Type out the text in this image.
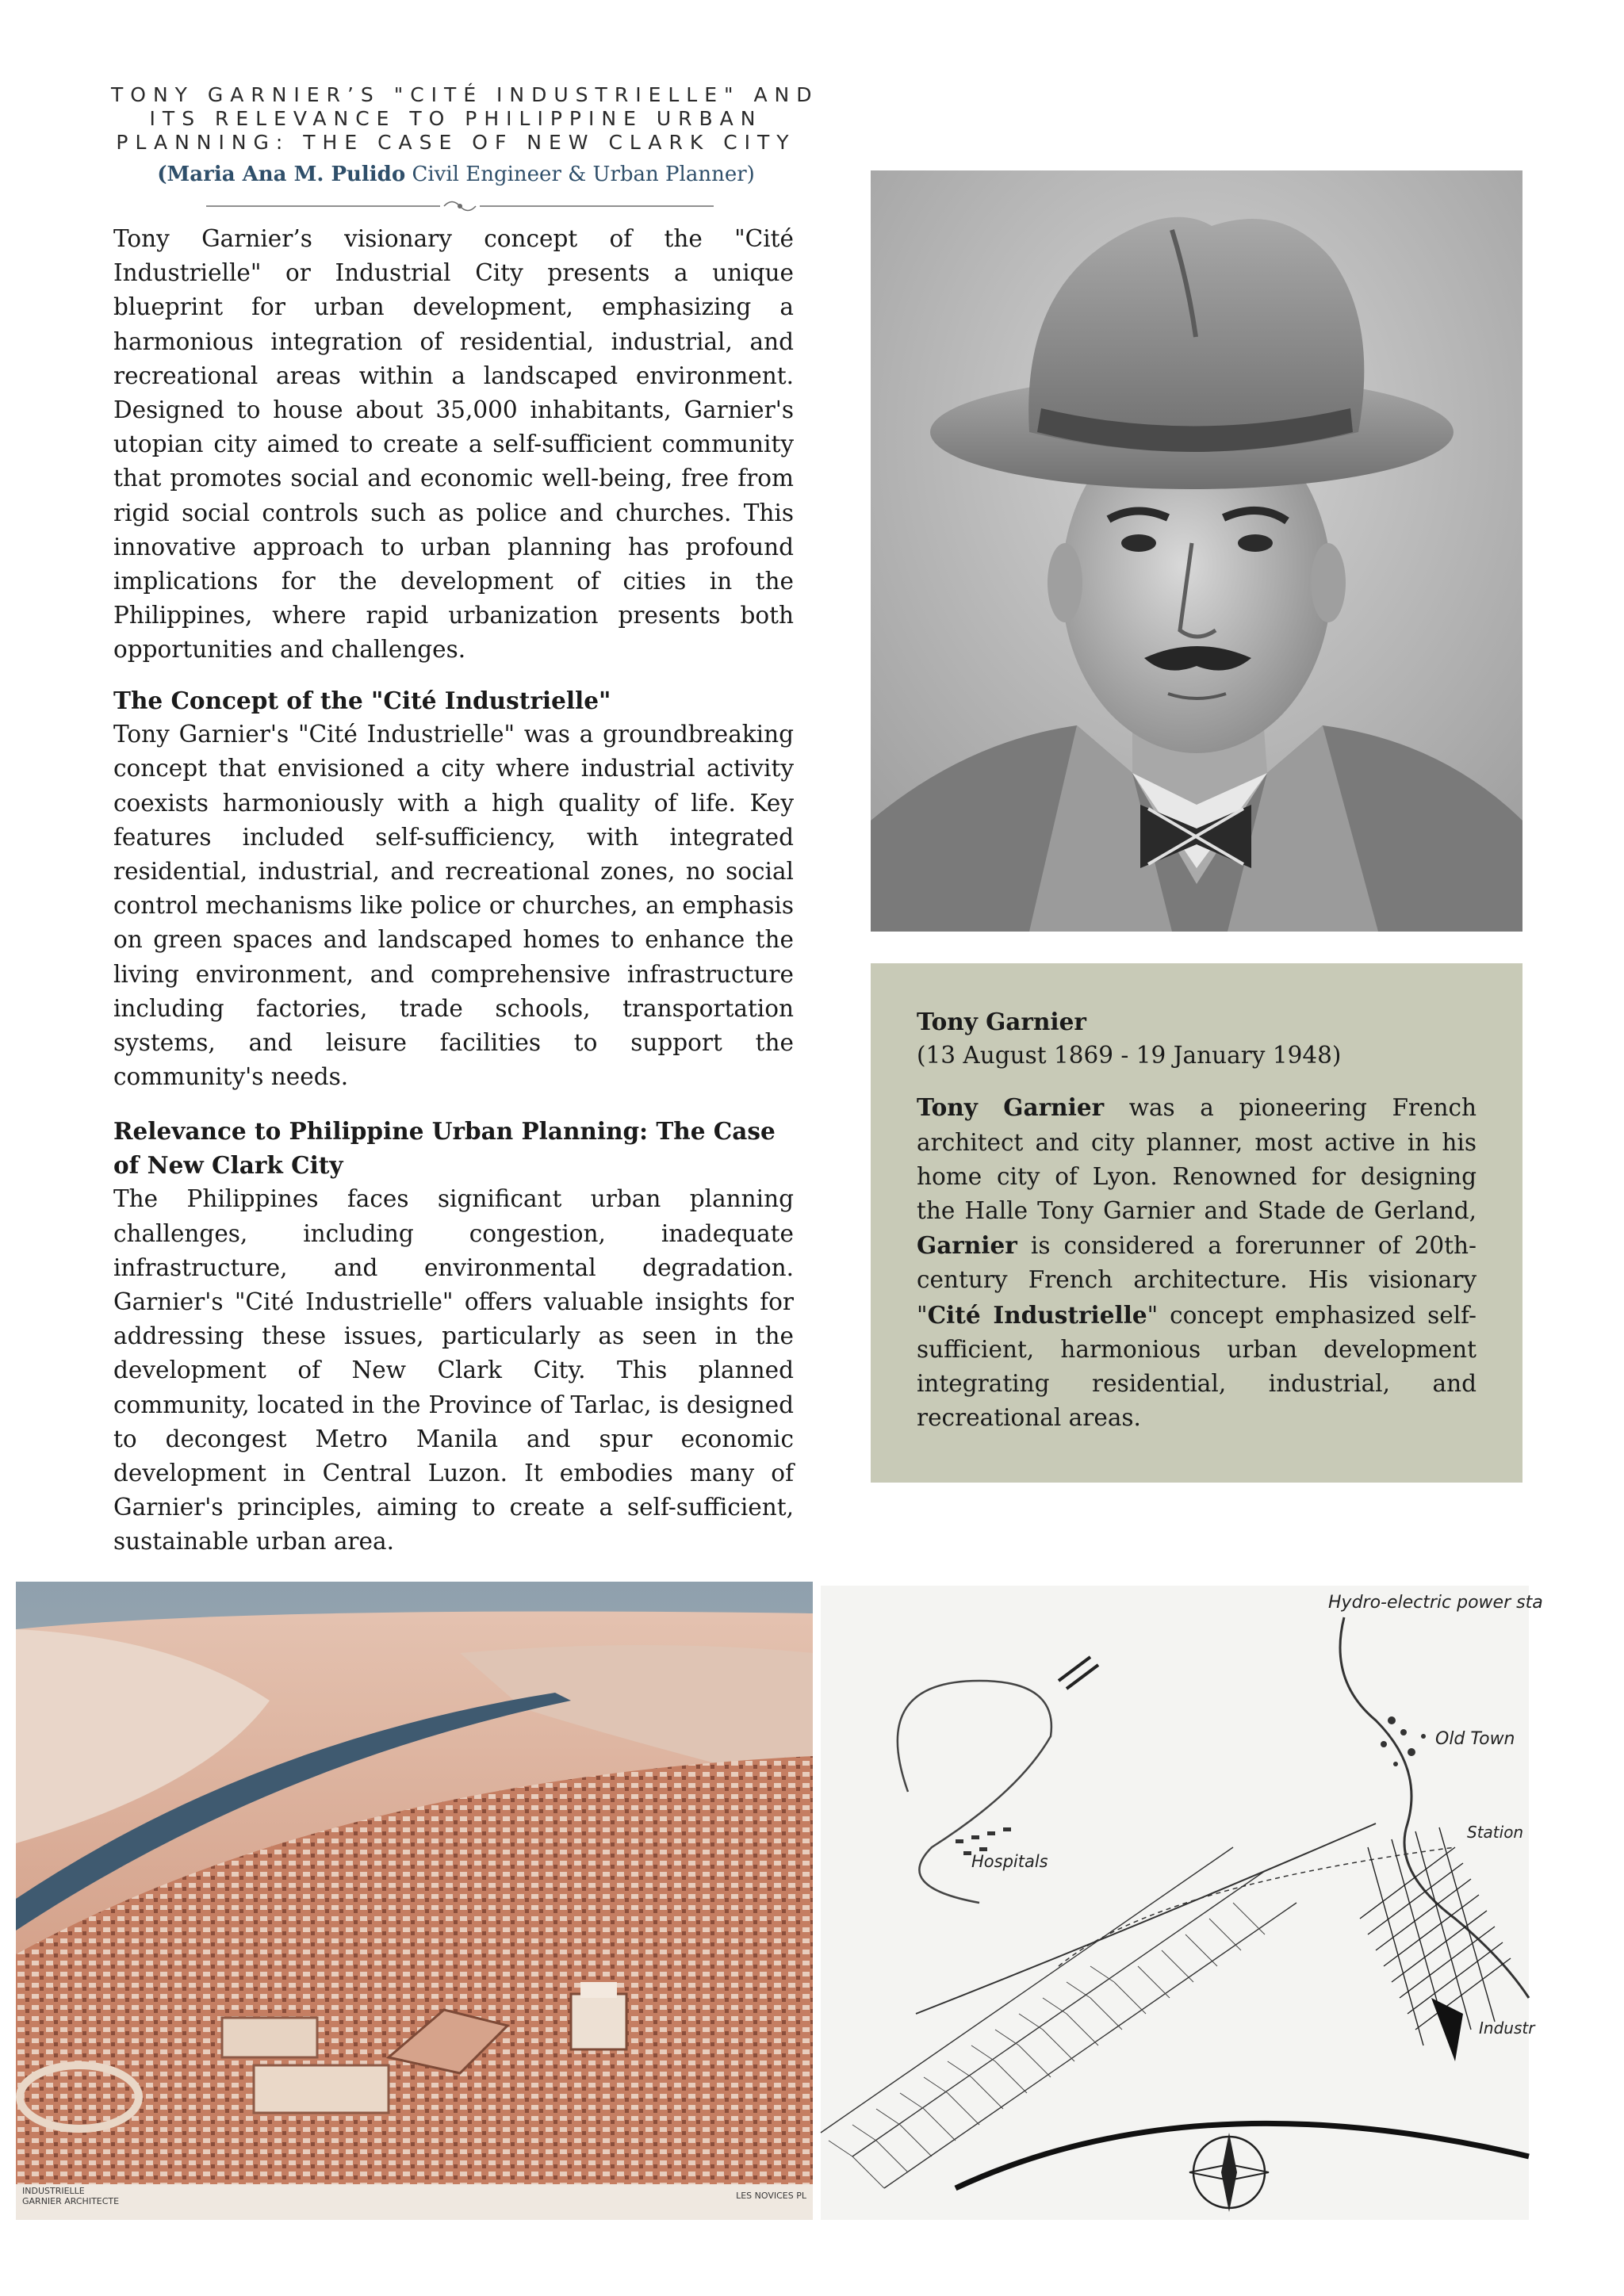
TONY GARNIER’S "CITÉ INDUSTRIELLE" AND
ITS RELEVANCE TO PHILIPPINE URBAN
PLANNING: THE CASE OF NEW CLARK CITY
(Maria Ana M. Pulido Civil Engineer & Urban Planner)

Tony Garnier’s visionary concept of the "Cité Industrielle" or Industrial City presents a unique blueprint for urban development, emphasizing a harmonious integration of residential, industrial, and recreational areas within a landscaped environment. Designed to house about 35,000 inhabitants, Garnier's utopian city aimed to create a self-sufficient community that promotes social and economic well-being, free from rigid social controls such as police and churches. This innovative approach to urban planning has profound implications for the development of cities in the Philippines, where rapid urbanization presents both opportunities and challenges.

The Concept of the "Cité Industrielle"

Tony Garnier's "Cité Industrielle" was a groundbreaking concept that envisioned a city where industrial activity coexists harmoniously with a high quality of life. Key features included self-sufficiency, with integrated residential, industrial, and recreational zones, no social control mechanisms like police or churches, an emphasis on green spaces and landscaped homes to enhance the living environment, and comprehensive infrastructure including factories, trade schools, transportation systems, and leisure facilities to support the community's needs.

Relevance to Philippine Urban Planning: The Case of New Clark City

The Philippines faces significant urban planning challenges, including congestion, inadequate infrastructure, and environmental degradation. Garnier's "Cité Industrielle" offers valuable insights for addressing these issues, particularly as seen in the development of New Clark City. This planned community, located in the Province of Tarlac, is designed to decongest Metro Manila and spur economic development in Central Luzon. It embodies many of Garnier's principles, aiming to create a self-sufficient, sustainable urban area.

Tony Garnier

(13 August 1869 - 19 January 1948)

Tony Garnier was a pioneering French architect and city planner, most active in his home city of Lyon. Renowned for designing the Halle Tony Garnier and Stade de Gerland, Garnier is considered a forerunner of 20th-century French architecture. His visionary "Cité Industrielle" concept emphasized self-sufficient, harmonious urban development integrating residential, industrial, and recreational areas.

INDUSTRIELLE
GARNIER ARCHITECTE
LES NOVICES PL
Hydro-electric power sta
Old Town
Station
Hospitals
Industr
